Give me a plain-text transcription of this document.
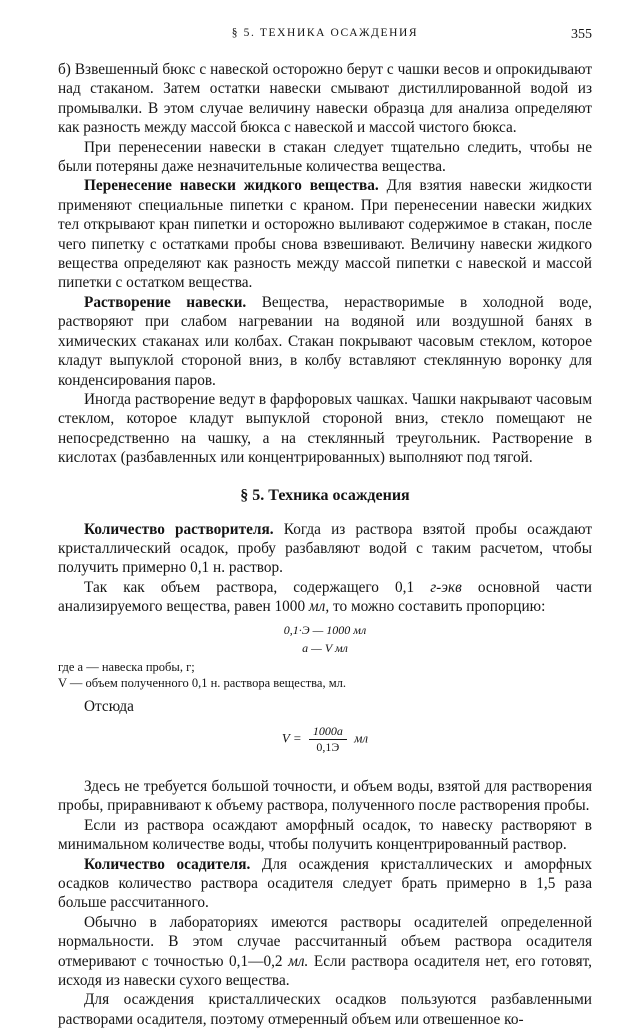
§ 5. ТЕХНИКА ОСАЖДЕНИЯ	355

б) Взвешенный бюкс с навеской осторожно берут с чашки весов и опрокидывают над стаканом. Затем остатки навески смывают дистиллированной водой из промывалки. В этом случае величину навески образца для анализа определяют как разность между массой бюкса с навеской и массой чистого бюкса.

При перенесении навески в стакан следует тщательно следить, чтобы не были потеряны даже незначительные количества вещества.

Перенесение навески жидкого вещества. Для взятия навески жидкости применяют специальные пипетки с краном. При перенесении навески жидких тел открывают кран пипетки и осторожно выливают содержимое в стакан, после чего пипетку с остатками пробы снова взвешивают. Величину навески жидкого вещества определяют как разность между массой пипетки с навеской и массой пипетки с остатком вещества.

Растворение навески. Вещества, нерастворимые в холодной воде, растворяют при слабом нагревании на водяной или воздушной банях в химических стаканах или колбах. Стакан покрывают часовым стеклом, которое кладут выпуклой стороной вниз, в колбу вставляют стеклянную воронку для конденсирования паров.

Иногда растворение ведут в фарфоровых чашках. Чашки накрывают часовым стеклом, которое кладут выпуклой стороной вниз, стекло помещают не непосредственно на чашку, а на стеклянный треугольник. Растворение в кислотах (разбавленных или концентрированных) выполняют под тягой.

§ 5. Техника осаждения

Количество растворителя. Когда из раствора взятой пробы осаждают кристаллический осадок, пробу разбавляют водой с таким расчетом, чтобы получить примерно 0,1 н. раствор.

Так как объем раствора, содержащего 0,1 г-экв основной части анализируемого вещества, равен 1000 мл, то можно составить пропорцию:

0,1·Э — 1000 мл
a — V мл
где a — навеска пробы, г;
V — объем полученного 0,1 н. раствора вещества, мл.

Отсюда

$V = \frac{1000a}{0,1Э}$ мл

Здесь не требуется большой точности, и объем воды, взятой для растворения пробы, приравнивают к объему раствора, полученного после растворения пробы.

Если из раствора осаждают аморфный осадок, то навеску растворяют в минимальном количестве воды, чтобы получить концентрированный раствор.

Количество осадителя. Для осаждения кристаллических и аморфных осадков количество раствора осадителя следует брать примерно в 1,5 раза больше рассчитанного.

Обычно в лабораториях имеются растворы осадителей определенной нормальности. В этом случае рассчитанный объем раствора осадителя отмеривают с точностью 0,1—0,2 мл. Если раствора осадителя нет, его готовят, исходя из навески сухого вещества.

Для осаждения кристаллических осадков пользуются разбавленными растворами осадителя, поэтому отмеренный объем или отвешенное ко-
